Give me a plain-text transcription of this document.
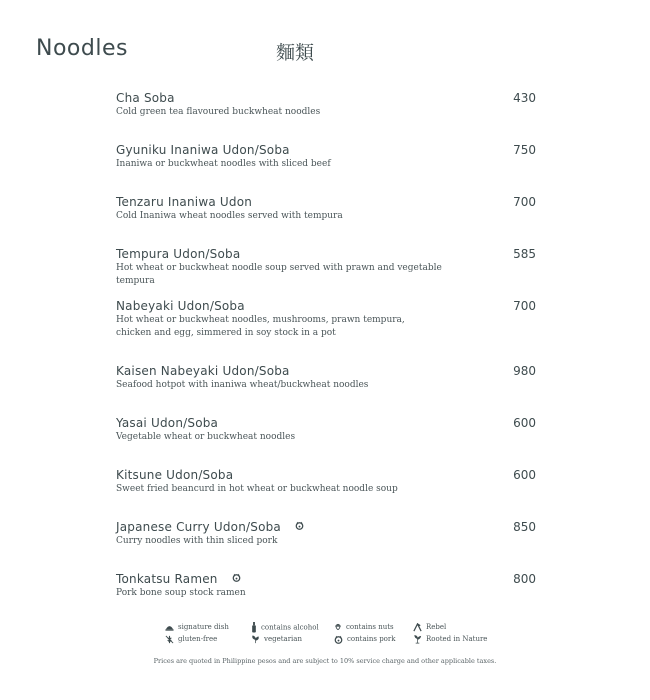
Noodles	麵類
Cha Soba
Cold green tea flavoured buckwheat noodles
430
Gyuniku Inaniwa Udon/Soba
Inaniwa or buckwheat noodles with sliced beef
750
Tenzaru Inaniwa Udon
Cold Inaniwa wheat noodles served with tempura
700
Tempura Udon/Soba
Hot wheat or buckwheat noodle soup served with prawn and vegetable tempura
585
Nabeyaki Udon/Soba
Hot wheat or buckwheat noodles, mushrooms, prawn tempura,
chicken and egg, simmered in soy stock in a pot
700
Kaisen Nabeyaki Udon/Soba
Seafood hotpot with inaniwa wheat/buckwheat noodles
980
Yasai Udon/Soba
Vegetable wheat or buckwheat noodles
600
Kitsune Udon/Soba
Sweet fried beancurd in hot wheat or buckwheat noodle soup
600
Japanese Curry Udon/Soba
Curry noodles with thin sliced pork
850
Tonkatsu Ramen
Pork bone soup stock ramen
800
signature dish	contains alcohol	contains nuts	Rebel
gluten-free	vegetarian	contains pork	Rooted in Nature
Prices are quoted in Philippine pesos and are subject to 10% service charge and other applicable taxes.
